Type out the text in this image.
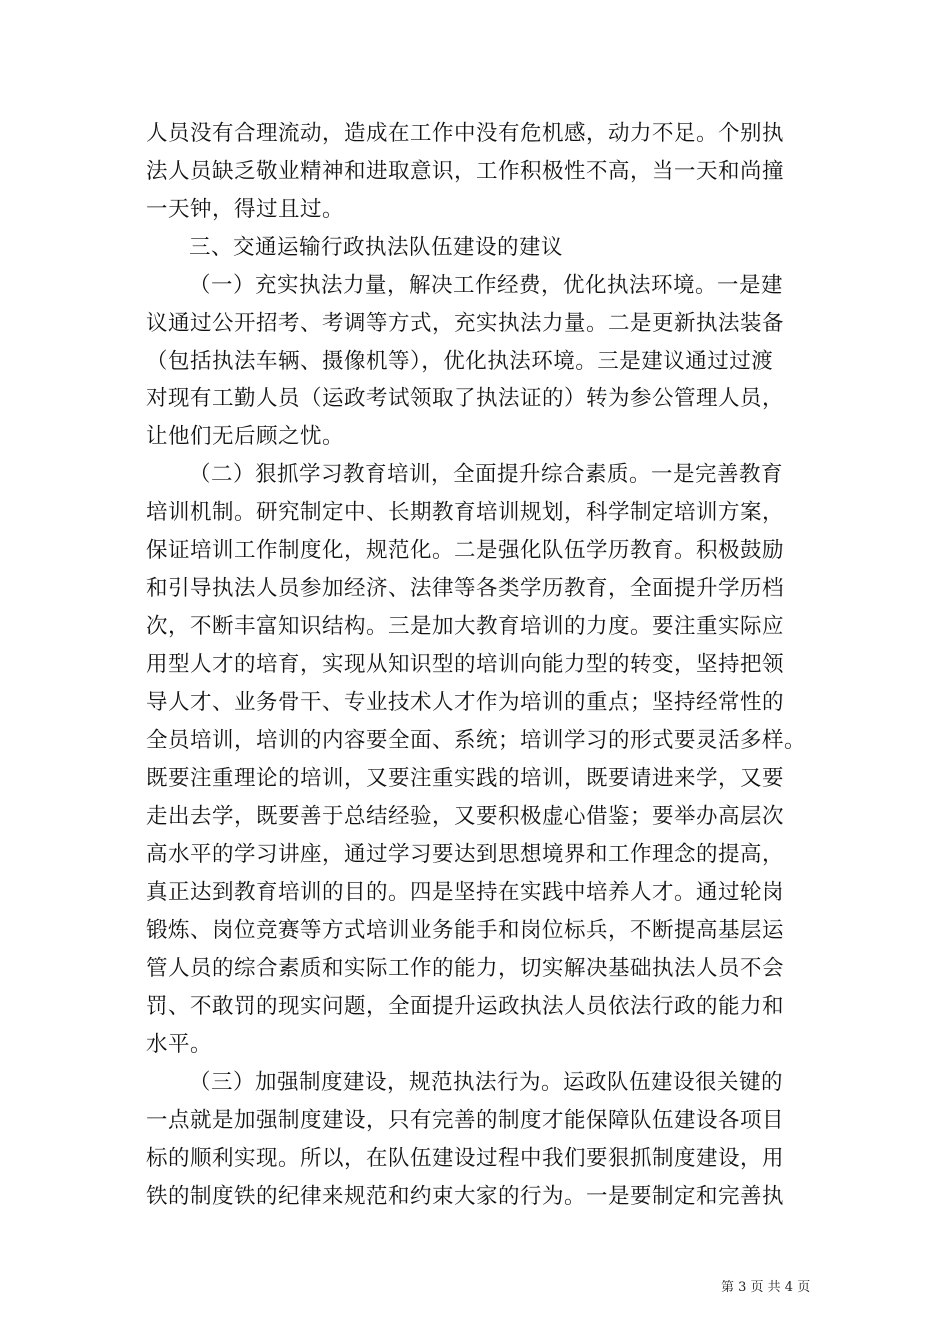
人员没有合理流动，造成在工作中没有危机感，动力不足。个别执
法人员缺乏敬业精神和进取意识，工作积极性不高，当一天和尚撞
一天钟，得过且过。
三、交通运输行政执法队伍建设的建议
（一）充实执法力量，解决工作经费，优化执法环境。一是建
议通过公开招考、考调等方式，充实执法力量。二是更新执法装备
（包括执法车辆、摄像机等），优化执法环境。三是建议通过过渡
对现有工勤人员（运政考试领取了执法证的）转为参公管理人员，
让他们无后顾之忧。
（二）狠抓学习教育培训，全面提升综合素质。一是完善教育
培训机制。研究制定中、长期教育培训规划，科学制定培训方案，
保证培训工作制度化，规范化。二是强化队伍学历教育。积极鼓励
和引导执法人员参加经济、法律等各类学历教育，全面提升学历档
次，不断丰富知识结构。三是加大教育培训的力度。要注重实际应
用型人才的培育，实现从知识型的培训向能力型的转变，坚持把领
导人才、业务骨干、专业技术人才作为培训的重点；坚持经常性的
全员培训，培训的内容要全面、系统；培训学习的形式要灵活多样。
既要注重理论的培训，又要注重实践的培训，既要请进来学，又要
走出去学，既要善于总结经验，又要积极虚心借鉴；要举办高层次
高水平的学习讲座，通过学习要达到思想境界和工作理念的提高，
真正达到教育培训的目的。四是坚持在实践中培养人才。通过轮岗
锻炼、岗位竞赛等方式培训业务能手和岗位标兵，不断提高基层运
管人员的综合素质和实际工作的能力，切实解决基础执法人员不会
罚、不敢罚的现实问题，全面提升运政执法人员依法行政的能力和
水平。
（三）加强制度建设，规范执法行为。运政队伍建设很关键的
一点就是加强制度建设，只有完善的制度才能保障队伍建设各项目
标的顺利实现。所以，在队伍建设过程中我们要狠抓制度建设，用
铁的制度铁的纪律来规范和约束大家的行为。一是要制定和完善执
第 3 页 共 4 页
